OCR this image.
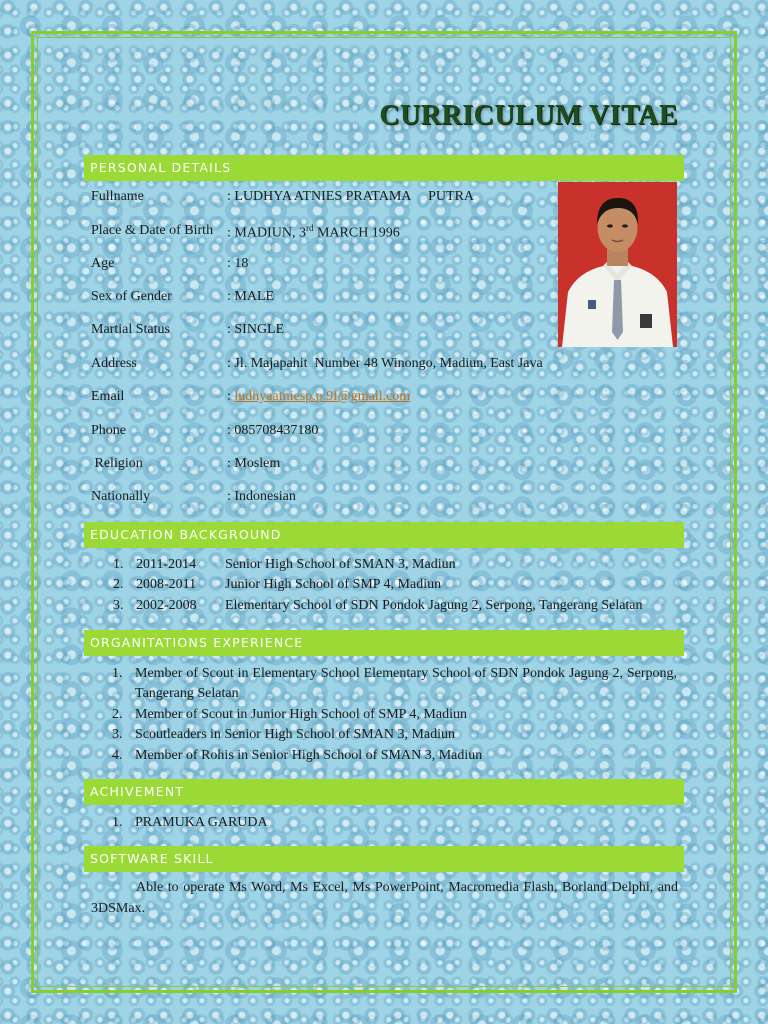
CURRICULUM VITAE
PERSONAL DETAILS
Fullname	: LUDHYA ATNIES PRATAMA     PUTRA
Place & Date of Birth : MADIUN, 3rd MARCH 1996
Age	: 18
Sex of Gender	: MALE
Martial Status	: SINGLE
Address	: Jl. Majapahit  Number 48 Winongo, Madiun, East Java
Email	: ludhyaatniesp.p.9f@gmail.com
Phone	: 085708437180
Religion	: Moslem
Nationally	: Indonesian
EDUCATION BACKGROUND
1. 2011-2014 Senior High School of SMAN 3, Madiun
2. 2008-2011 Junior High School of SMP 4, Madiun
3. 2002-2008 Elementary School of SDN Pondok Jagung 2, Serpong, Tangerang Selatan
ORGANITATIONS EXPERIENCE
1. Member of Scout in Elementary School Elementary School of SDN Pondok Jagung 2, Serpong, Tangerang Selatan
2. Member of Scout in Junior High School of SMP 4, Madiun
3. Scoutleaders in Senior High School of SMAN 3, Madiun
4. Member of Rohis in Senior High School of SMAN 3, Madiun
ACHIVEMENT
1. PRAMUKA GARUDA
SOFTWARE SKILL
Able to operate Ms Word, Ms Excel, Ms PowerPoint, Macromedia Flash, Borland Delphi, and 3DSMax.
